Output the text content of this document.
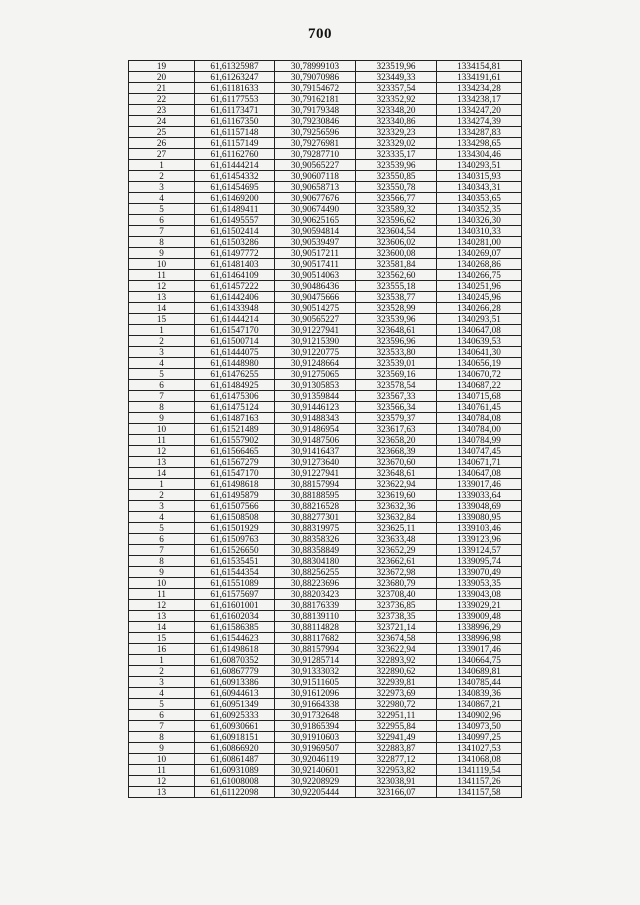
700
19	61,61325987	30,78999103	323519,96	1334154,81
20	61,61263247	30,79070986	323449,33	1334191,61
21	61,61181633	30,79154672	323357,54	1334234,28
22	61,61177553	30,79162181	323352,92	1334238,17
23	61,61173471	30,79179348	323348,20	1334247,20
24	61,61167350	30,79230846	323340,86	1334274,39
25	61,61157148	30,79256596	323329,23	1334287,83
26	61,61157149	30,79276981	323329,02	1334298,65
27	61,61162760	30,79287710	323335,17	1334304,46
1	61,61444214	30,90565227	323539,96	1340293,51
2	61,61454332	30,90607118	323550,85	1340315,93
3	61,61454695	30,90658713	323550,78	1340343,31
4	61,61469200	30,90677676	323566,77	1340353,65
5	61,61489411	30,90674490	323589,32	1340352,35
6	61,61495557	30,90625165	323596,62	1340326,30
7	61,61502414	30,90594814	323604,54	1340310,33
8	61,61503286	30,90539497	323606,02	1340281,00
9	61,61497772	30,90517211	323600,08	1340269,07
10	61,61481403	30,90517411	323581,84	1340268,86
11	61,61464109	30,90514063	323562,60	1340266,75
12	61,61457222	30,90486436	323555,18	1340251,96
13	61,61442406	30,90475666	323538,77	1340245,96
14	61,61433948	30,90514275	323528,99	1340266,28
15	61,61444214	30,90565227	323539,96	1340293,51
1	61,61547170	30,91227941	323648,61	1340647,08
2	61,61500714	30,91215390	323596,96	1340639,53
3	61,61444075	30,91220775	323533,80	1340641,30
4	61,61448980	30,91248664	323539,01	1340656,19
5	61,61476255	30,91275065	323569,16	1340670,72
6	61,61484925	30,91305853	323578,54	1340687,22
7	61,61475306	30,91359844	323567,33	1340715,68
8	61,61475124	30,91446123	323566,34	1340761,45
9	61,61487163	30,91488343	323579,37	1340784,08
10	61,61521489	30,91486954	323617,63	1340784,00
11	61,61557902	30,91487506	323658,20	1340784,99
12	61,61566465	30,91416437	323668,39	1340747,45
13	61,61567279	30,91273640	323670,60	1340671,71
14	61,61547170	30,91227941	323648,61	1340647,08
1	61,61498618	30,88157994	323622,94	1339017,46
2	61,61495879	30,88188595	323619,60	1339033,64
3	61,61507566	30,88216528	323632,36	1339048,69
4	61,61508508	30,88277301	323632,84	1339080,95
5	61,61501929	30,88319975	323625,11	1339103,46
6	61,61509763	30,88358326	323633,48	1339123,96
7	61,61526650	30,88358849	323652,29	1339124,57
8	61,61535451	30,88304180	323662,61	1339095,74
9	61,61544354	30,88256255	323672,98	1339070,49
10	61,61551089	30,88223696	323680,79	1339053,35
11	61,61575697	30,88203423	323708,40	1339043,08
12	61,61601001	30,88176339	323736,85	1339029,21
13	61,61602034	30,88139110	323738,35	1339009,48
14	61,61586385	30,88114828	323721,14	1338996,29
15	61,61544623	30,88117682	323674,58	1338996,98
16	61,61498618	30,88157994	323622,94	1339017,46
1	61,60870352	30,91285714	322893,92	1340664,75
2	61,60867779	30,91333032	322890,62	1340689,81
3	61,60913386	30,91511605	322939,81	1340785,44
4	61,60944613	30,91612096	322973,69	1340839,36
5	61,60951349	30,91664338	322980,72	1340867,21
6	61,60925333	30,91732648	322951,11	1340902,96
7	61,60930661	30,91865394	322955,84	1340973,50
8	61,60918151	30,91910603	322941,49	1340997,25
9	61,60866920	30,91969507	322883,87	1341027,53
10	61,60861487	30,92046119	322877,12	1341068,08
11	61,60931089	30,92140601	322953,82	1341119,54
12	61,61008008	30,92208929	323038,91	1341157,26
13	61,61122098	30,92205444	323166,07	1341157,58
